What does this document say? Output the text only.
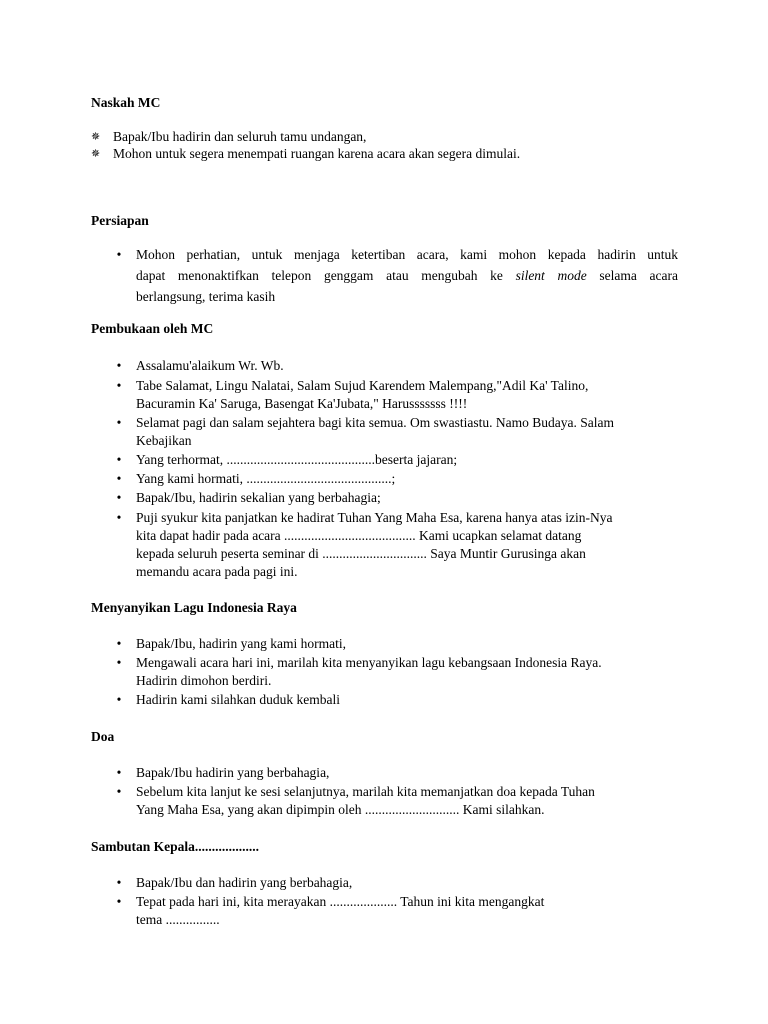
Naskah MC
✵ Bapak/Ibu hadirin dan seluruh tamu undangan,
✵ Mohon untuk segera menempati ruangan karena acara akan segera dimulai.
Persiapan
• Mohon perhatian, untuk menjaga ketertiban acara, kami mohon kepada hadirin untuk
dapat menonaktifkan telepon genggam atau mengubah ke silent mode selama acara
berlangsung, terima kasih
Pembukaan oleh MC
• Assalamu'alaikum Wr. Wb.
• Tabe Salamat, Lingu Nalatai, Salam Sujud Karendem Malempang,"Adil Ka' Talino,
Bacuramin Ka' Saruga, Basengat Ka'Jubata," Harusssssss !!!!
• Selamat pagi dan salam sejahtera bagi kita semua. Om swastiastu. Namo Budaya. Salam
Kebajikan
• Yang terhormat, ............................................beserta jajaran;
• Yang kami hormati, ...........................................;
• Bapak/Ibu, hadirin sekalian yang berbahagia;
• Puji syukur kita panjatkan ke hadirat Tuhan Yang Maha Esa, karena hanya atas izin-Nya
kita dapat hadir pada acara ....................................... Kami ucapkan selamat datang
kepada seluruh peserta seminar di ............................... Saya Muntir Gurusinga akan
memandu acara pada pagi ini.
Menyanyikan Lagu Indonesia Raya
• Bapak/Ibu, hadirin yang kami hormati,
• Mengawali acara hari ini, marilah kita menyanyikan lagu kebangsaan Indonesia Raya.
Hadirin dimohon berdiri.
• Hadirin kami silahkan duduk kembali
Doa
• Bapak/Ibu hadirin yang berbahagia,
• Sebelum kita lanjut ke sesi selanjutnya, marilah kita memanjatkan doa kepada Tuhan
Yang Maha Esa, yang akan dipimpin oleh ............................ Kami silahkan.
Sambutan Kepala...................
• Bapak/Ibu dan hadirin yang berbahagia,
• Tepat pada hari ini, kita merayakan .................... Tahun ini kita mengangkat
tema ................
